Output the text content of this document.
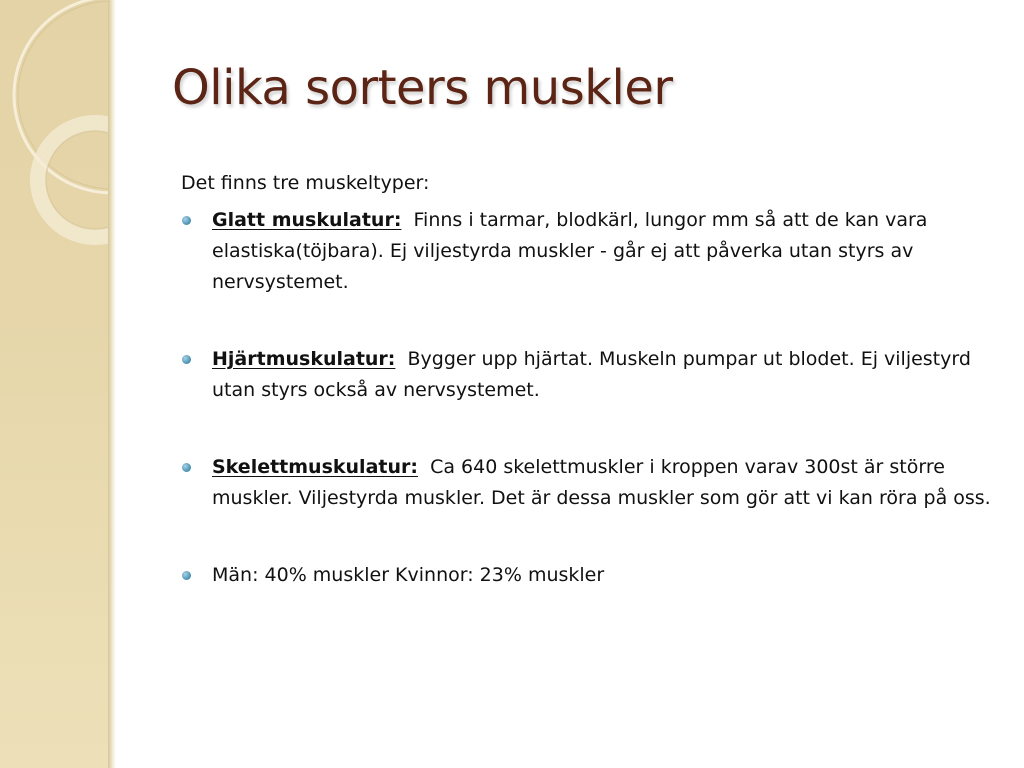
Olika sorters muskler

Det finns tre muskeltyper:

Glatt muskulatur: Finns i tarmar, blodkärl, lungor mm så att de kan vara elastiska(töjbara). Ej viljestyrda muskler - går ej att påverka utan styrs av nervsystemet.
Hjärtmuskulatur: Bygger upp hjärtat. Muskeln pumpar ut blodet. Ej viljestyrd utan styrs också av nervsystemet.
Skelettmuskulatur: Ca 640 skelettmuskler i kroppen varav 300st är större muskler. Viljestyrda muskler. Det är dessa muskler som gör att vi kan röra på oss.
Män: 40% muskler Kvinnor: 23% muskler
